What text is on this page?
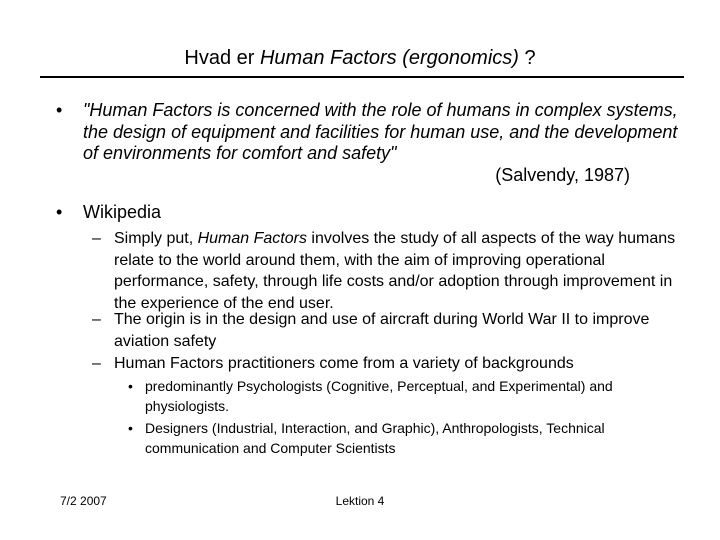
Hvad er Human Factors (ergonomics) ?
• "Human Factors is concerned with the role of humans in complex systems, the design of equipment and facilities for human use, and the development of environments for comfort and safety"
(Salvendy, 1987)
• Wikipedia
– Simply put, Human Factors involves the study of all aspects of the way humans relate to the world around them, with the aim of improving operational performance, safety, through life costs and/or adoption through improvement in the experience of the end user.
– The origin is in the design and use of aircraft during World War II to improve aviation safety
– Human Factors practitioners come from a variety of backgrounds
• predominantly Psychologists (Cognitive, Perceptual, and Experimental) and physiologists.
• Designers (Industrial, Interaction, and Graphic), Anthropologists, Technical communication and Computer Scientists
7/2 2007	Lektion 4
